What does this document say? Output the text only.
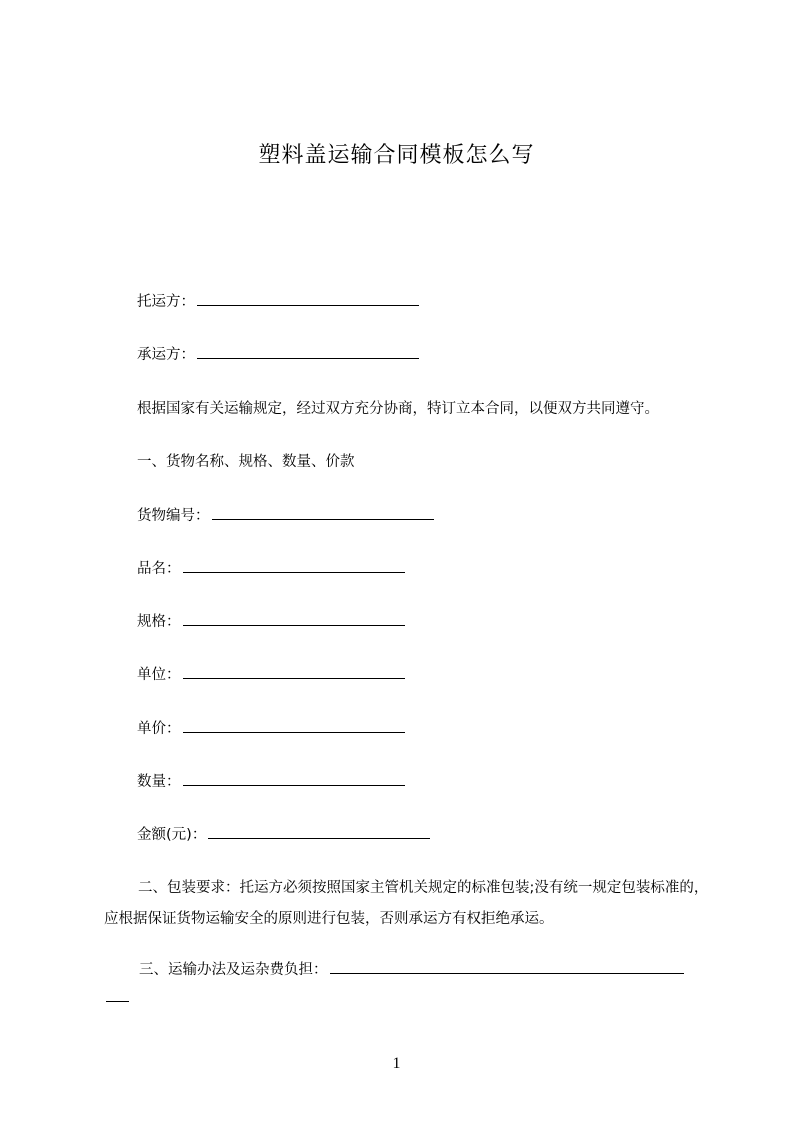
塑料盖运输合同模板怎么写
托运方：
承运方：
根据国家有关运输规定，经过双方充分协商，特订立本合同，以便双方共同遵守。
一、货物名称、规格、数量、价款
货物编号：
品名：
规格：
单位：
单价：
数量：
金额(元)：
二、包装要求：托运方必须按照国家主管机关规定的标准包装;没有统一规定包装标准的，应根据保证货物运输安全的原则进行包装，否则承运方有权拒绝承运。
三、运输办法及运杂费负担：
1
